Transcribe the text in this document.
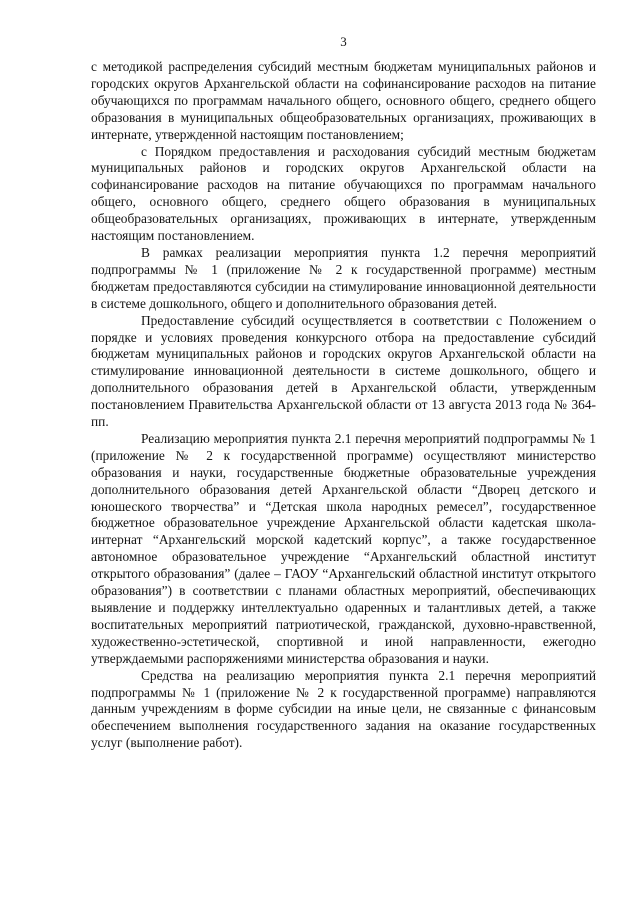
3

с методикой распределения субсидий местным бюджетам муниципальных районов и городских округов Архангельской области на софинансирование расходов на питание обучающихся по программам начального общего, основного общего, среднего общего образования в муниципальных общеобразовательных организациях, проживающих в интернате, утвержденной настоящим постановлением;

с Порядком предоставления и расходования субсидий местным бюджетам муниципальных районов и городских округов Архангельской области на софинансирование расходов на питание обучающихся по программам начального общего, основного общего, среднего общего образования в муниципальных общеобразовательных организациях, проживающих в интернате, утвержденным настоящим постановлением.

В рамках реализации мероприятия пункта 1.2 перечня мероприятий подпрограммы № 1 (приложение № 2 к государственной программе) местным бюджетам предоставляются субсидии на стимулирование инновационной деятельности в системе дошкольного, общего и дополнительного образования детей.

Предоставление субсидий осуществляется в соответствии с Положением о порядке и условиях проведения конкурсного отбора на предоставление субсидий бюджетам муниципальных районов и городских округов Архангельской области на стимулирование инновационной деятельности в системе дошкольного, общего и дополнительного образования детей в Архангельской области, утвержденным постановлением Правительства Архангельской области от 13 августа 2013 года № 364-пп.

Реализацию мероприятия пункта 2.1 перечня мероприятий подпрограммы № 1 (приложение № 2 к государственной программе) осуществляют министерство образования и науки, государственные бюджетные образовательные учреждения дополнительного образования детей Архангельской области “Дворец детского и юношеского творчества” и “Детская школа народных ремесел”, государственное бюджетное образовательное учреждение Архангельской области кадетская школа-интернат “Архангельский морской кадетский корпус”, а также государственное автономное образовательное учреждение “Архангельский областной институт открытого образования” (далее – ГАОУ “Архангельский областной институт открытого образования”) в соответствии с планами областных мероприятий, обеспечивающих выявление и поддержку интеллектуально одаренных и талантливых детей, а также воспитательных мероприятий патриотической, гражданской, духовно-нравственной, художественно-эстетической, спортивной и иной направленности, ежегодно утверждаемыми распоряжениями министерства образования и науки.

Средства на реализацию мероприятия пункта 2.1 перечня мероприятий подпрограммы № 1 (приложение № 2 к государственной программе) направляются данным учреждениям в форме субсидии на иные цели, не связанные с финансовым обеспечением выполнения государственного задания на оказание государственных услуг (выполнение работ).
